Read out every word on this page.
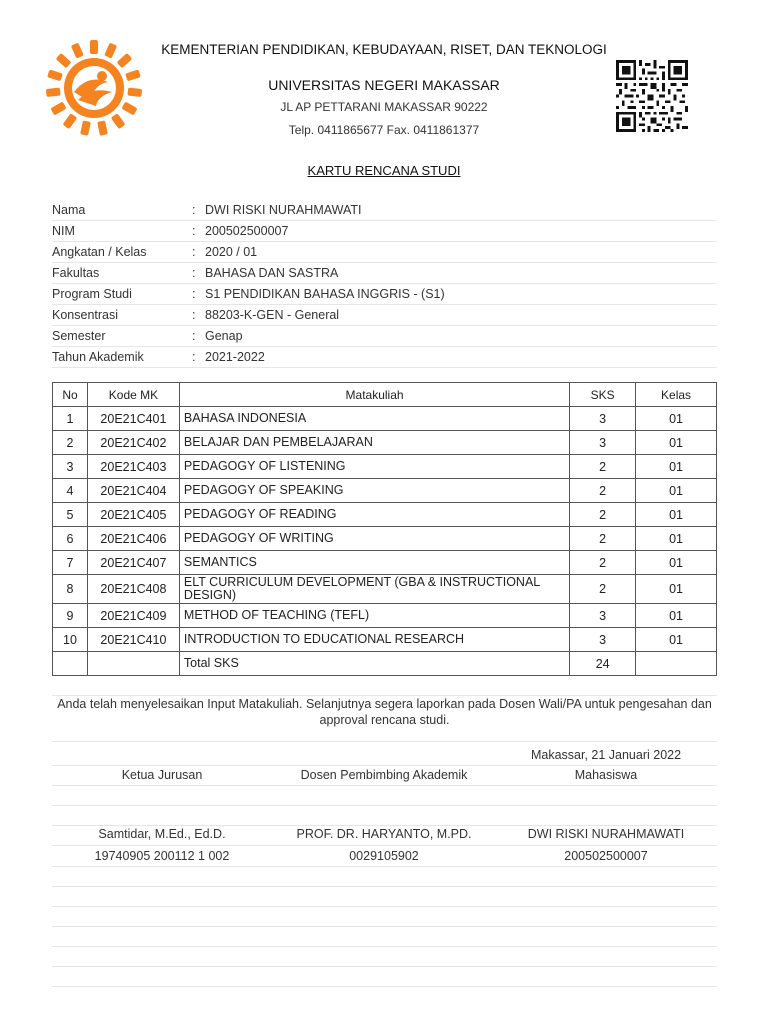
KEMENTERIAN PENDIDIKAN, KEBUDAYAAN, RISET, DAN TEKNOLOGI
UNIVERSITAS NEGERI MAKASSAR
JL AP PETTARANI MAKASSAR 90222
Telp. 0411865677 Fax. 0411861377
KARTU RENCANA STUDI
Nama	: DWI RISKI NURAHMAWATI
NIM	: 200502500007
Angkatan / Kelas	: 2020 / 01
Fakultas	: BAHASA DAN SASTRA
Program Studi	: S1 PENDIDIKAN BAHASA INGGRIS - (S1)
Konsentrasi	: 88203-K-GEN - General
Semester	: Genap
Tahun Akademik	: 2021-2022
No	Kode MK	Matakuliah	SKS	Kelas
1	20E21C401	BAHASA INDONESIA	3	01
2	20E21C402	BELAJAR DAN PEMBELAJARAN	3	01
3	20E21C403	PEDAGOGY OF LISTENING	2	01
4	20E21C404	PEDAGOGY OF SPEAKING	2	01
5	20E21C405	PEDAGOGY OF READING	2	01
6	20E21C406	PEDAGOGY OF WRITING	2	01
7	20E21C407	SEMANTICS	2	01
8	20E21C408	ELT CURRICULUM DEVELOPMENT (GBA & INSTRUCTIONAL DESIGN)	2	01
9	20E21C409	METHOD OF TEACHING (TEFL)	3	01
10	20E21C410	INTRODUCTION TO EDUCATIONAL RESEARCH	3	01
		Total SKS	24	
Anda telah menyelesaikan Input Matakuliah. Selanjutnya segera laporkan pada Dosen Wali/PA untuk pengesahan dan approval rencana studi.
Makassar, 21 Januari 2022
Ketua Jurusan	Dosen Pembimbing Akademik	Mahasiswa
Samtidar, M.Ed., Ed.D.	PROF. DR. HARYANTO, M.PD.	DWI RISKI NURAHMAWATI
19740905 200112 1 002	0029105902	200502500007
